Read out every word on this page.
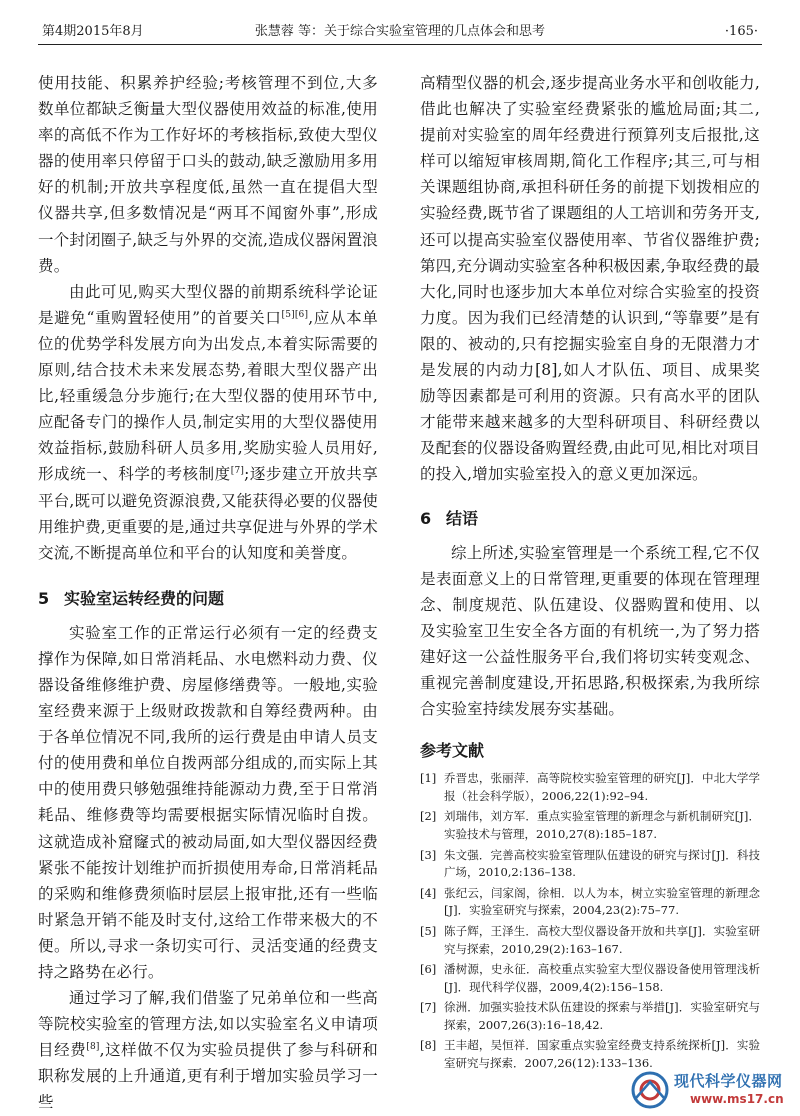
第4期2015年8月	张慧蓉 等：关于综合实验室管理的几点体会和思考	·165·

使用技能、积累养护经验;考核管理不到位,大多数单位都缺乏衡量大型仪器使用效益的标准,使用率的高低不作为工作好坏的考核指标,致使大型仪器的使用率只停留于口头的鼓动,缺乏激励用多用好的机制;开放共享程度低,虽然一直在提倡大型仪器共享,但多数情况是“两耳不闻窗外事”,形成一个封闭圈子,缺乏与外界的交流,造成仪器闲置浪费。

由此可见,购买大型仪器的前期系统科学论证是避免“重购置轻使用”的首要关口[5][6],应从本单位的优势学科发展方向为出发点,本着实际需要的原则,结合技术未来发展态势,着眼大型仪器产出比,轻重缓急分步施行;在大型仪器的使用环节中,应配备专门的操作人员,制定实用的大型仪器使用效益指标,鼓励科研人员多用,奖励实验人员用好,形成统一、科学的考核制度[7];逐步建立开放共享平台,既可以避免资源浪费,又能获得必要的仪器使用维护费,更重要的是,通过共享促进与外界的学术交流,不断提高单位和平台的认知度和美誉度。

5 实验室运转经费的问题

实验室工作的正常运行必须有一定的经费支撑作为保障,如日常消耗品、水电燃料动力费、仪器设备维修维护费、房屋修缮费等。一般地,实验室经费来源于上级财政拨款和自筹经费两种。由于各单位情况不同,我所的运行费是由申请人员支付的使用费和单位自拨两部分组成的,而实际上其中的使用费只够勉强维持能源动力费,至于日常消耗品、维修费等均需要根据实际情况临时自拨。这就造成补窟窿式的被动局面,如大型仪器因经费紧张不能按计划维护而折损使用寿命,日常消耗品的采购和维修费须临时层层上报审批,还有一些临时紧急开销不能及时支付,这给工作带来极大的不便。所以,寻求一条切实可行、灵活变通的经费支持之路势在必行。

通过学习了解,我们借鉴了兄弟单位和一些高等院校实验室的管理方法,如以实验室名义申请项目经费[8],这样做不仅为实验员提供了参与科研和职称发展的上升通道,更有利于增加实验员学习一些

高精型仪器的机会,逐步提高业务水平和创收能力,借此也解决了实验室经费紧张的尴尬局面;其二,提前对实验室的周年经费进行预算列支后报批,这样可以缩短审核周期,简化工作程序;其三,可与相关课题组协商,承担科研任务的前提下划拨相应的实验经费,既节省了课题组的人工培训和劳务开支,还可以提高实验室仪器使用率、节省仪器维护费;第四,充分调动实验室各种积极因素,争取经费的最大化,同时也逐步加大本单位对综合实验室的投资力度。因为我们已经清楚的认识到,“等靠要”是有限的、被动的,只有挖掘实验室自身的无限潜力才是发展的内动力[8],如人才队伍、项目、成果奖励等因素都是可利用的资源。只有高水平的团队才能带来越来越多的大型科研项目、科研经费以及配套的仪器设备购置经费,由此可见,相比对项目的投入,增加实验室投入的意义更加深远。

6 结语

综上所述,实验室管理是一个系统工程,它不仅是表面意义上的日常管理,更重要的体现在管理理念、制度规范、队伍建设、仪器购置和使用、以及实验室卫生安全各方面的有机统一,为了努力搭建好这一公益性服务平台,我们将切实转变观念、重视完善制度建设,开拓思路,积极探索,为我所综合实验室持续发展夯实基础。

参考文献
[1] 乔晋忠，张丽萍．高等院校实验室管理的研究[J]．中北大学学报（社会科学版），2006,22(1):92–94.
[2] 刘瑞伟，刘方军．重点实验室管理的新理念与新机制研究[J]．实验技术与管理，2010,27(8):185–187.
[3] 朱文强．完善高校实验室管理队伍建设的研究与探讨[J]．科技广场，2010,2:136–138.
[4] 张纪云，闫家阁，徐相．以人为本，树立实验室管理的新理念[J]．实验室研究与探索，2004,23(2):75–77.
[5] 陈子辉，王泽生．高校大型仪器设备开放和共享[J]．实验室研究与探索，2010,29(2):163–167.
[6] 潘树源，史永征．高校重点实验室大型仪器设备使用管理浅析[J]．现代科学仪器，2009,4(2):156–158.
[7] 徐洲．加强实验技术队伍建设的探索与举措[J]．实验室研究与探索，2007,26(3):16–18,42.
[8] 王丰超，吴恒祥．国家重点实验室经费支持系统探析[J]．实验室研究与探索．2007,26(12):133–136.
现代科学仪器网
www.ms17.cn
